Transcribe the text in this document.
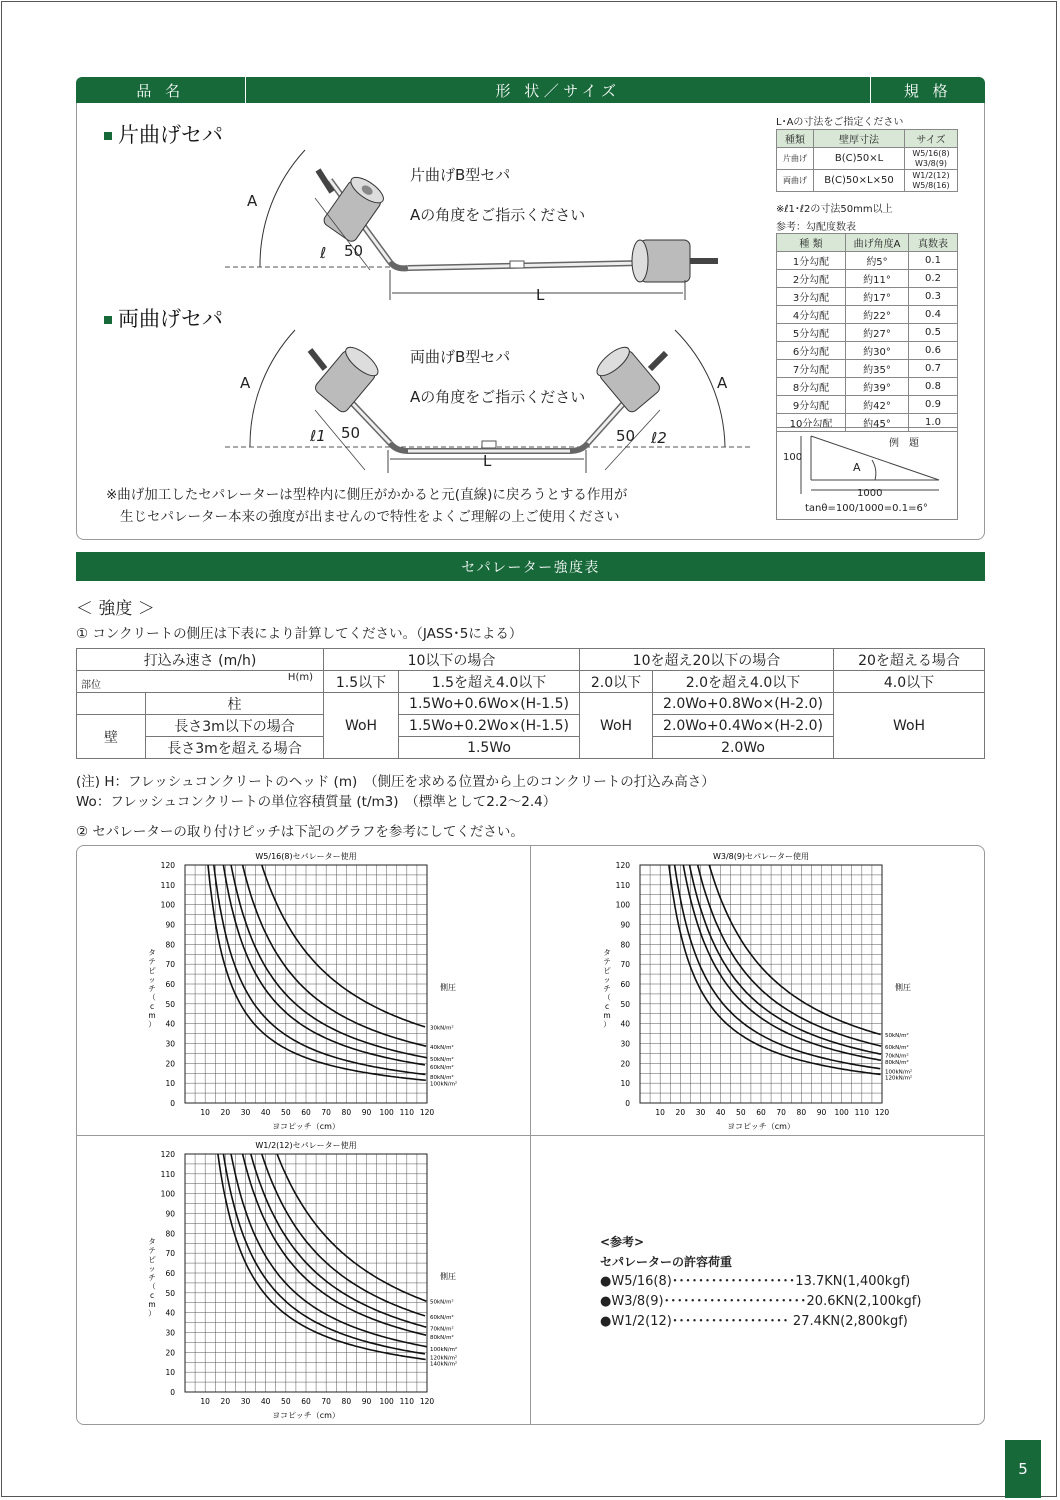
品 名	形 状／サイズ	規 格
片曲げセパ
片曲げB型セパ
Aの角度をご指示ください
A
ℓ 50
L
両曲げセパ
両曲げB型セパ
Aの角度をご指示ください
A	A
ℓ1 50	50 ℓ2
L
※曲げ加工したセパレーターは型枠内に側圧がかかると元(直線)に戻ろうとする作用が
生じセパレーター本来の強度が出ませんので特性をよくご理解の上ご使用ください
L･Aの寸法をご指定ください
種類	壁厚寸法	サイズ
片曲げ	B(C)50×L	W5/16(8)
W3/8(9)
両曲げ	B(C)50×L×50	W1/2(12)
W5/8(16)
※ℓ1･ℓ2の寸法50mm以上
参考：勾配度数表
種 類	曲げ角度A	真数表
1分勾配	約5°	0.1
2分勾配	約11°	0.2
3分勾配	約17°	0.3
4分勾配	約22°	0.4
5分勾配	約27°	0.5
6分勾配	約30°	0.6
7分勾配	約35°	0.7
8分勾配	約39°	0.8
9分勾配	約42°	0.9
10分勾配	約45°	1.0
例　題
100
A
1000
tanθ=100/1000=0.1=6°
セパレーター強度表
＜ 強度 ＞
① コンクリートの側圧は下表により計算してください。（JASS･5による）
打込み速さ (m/h)		10以下の場合		10を超え20以下の場合		20を超える場合

部位
H(m)		1.5以下	1.5を超え4.0以下	2.0以下	2.0を超え4.0以下	4.0以下
	柱	WoH	1.5Wo+0.6Wo×(H-1.5)	WoH	2.0Wo+0.8Wo×(H-2.0)	WoH
壁	長さ3m以下の場合		1.5Wo+0.2Wo×(H-1.5)		2.0Wo+0.4Wo×(H-2.0)	
	長さ3mを超える場合		1.5Wo		2.0Wo	
(注) H：フレッシュコンクリートのヘッド (m)　（側圧を求める位置から上のコンクリートの打込み高さ）
Wo：フレッシュコンクリートの単位容積質量 (t/m3)　（標準として2.2～2.4）
② セパレーターの取り付けピッチは下記のグラフを参考にしてください。
W5/16(8)セパレーター使用
10 20 30 40 50 60 70 80 90 100 110 120
0
10
20
30
40
50
60
70
80
90
100
110
120
ヨコピッチ（cm）
タ
テ
ピ
ッ
チ
（
c
m
）
側圧
30kN/m²
40kN/m²
50kN/m²
60kN/m²
80kN/m²
100kN/m²
W3/8(9)セパレーター使用
10 20 30 40 50 60 70 80 90 100 110 120
0
10
20
30
40
50
60
70
80
90
100
110
120
ヨコピッチ（cm）
タ
テ
ピ
ッ
チ
（
c
m
）
側圧
50kN/m²
60kN/m²
70kN/m²
80kN/m²
100kN/m²
120kN/m²
W1/2(12)セパレーター使用
10 20 30 40 50 60 70 80 90 100 110 120
0
10
20
30
40
50
60
70
80
90
100
110
120
ヨコピッチ（cm）
タ
テ
ピ
ッ
チ
（
c
m
）
側圧
50kN/m²
60kN/m²
70kN/m²
80kN/m²
100kN/m²
120kN/m²
140kN/m²
<参考>
セパレーターの許容荷重
●W5/16(8)･･･････････････････13.7KN(1,400kgf)
●W3/8(9)･･････････････････････20.6KN(2,100kgf)
●W1/2(12)･･････････････････ 27.4KN(2,800kgf)
5
